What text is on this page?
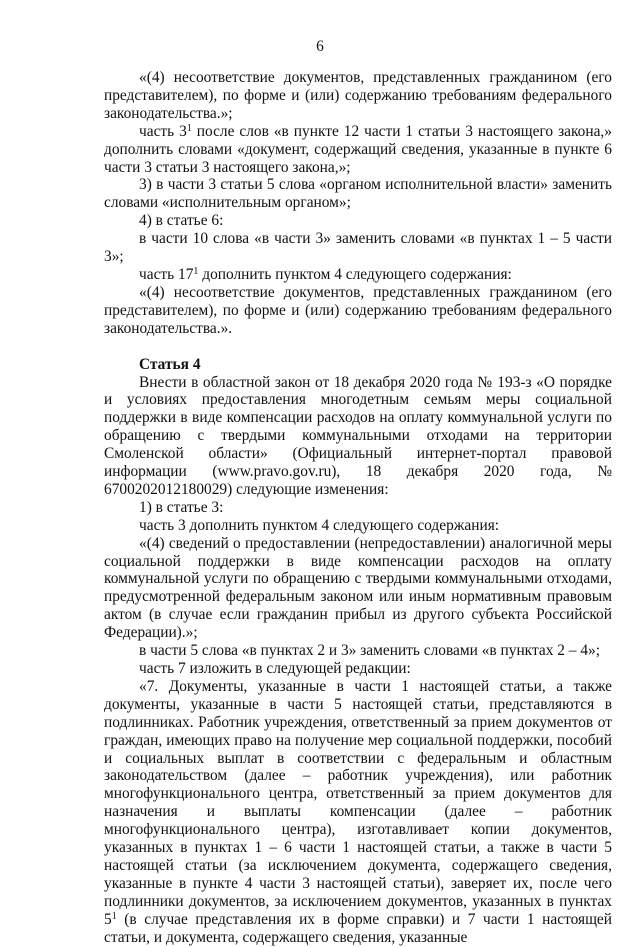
6

«(4) несоответствие документов, представленных гражданином (его представителем), по форме и (или) содержанию требованиям федерального законодательства.»;

часть $3^1$ после слов «в пункте 12 части 1 статьи 3 настоящего закона,» дополнить словами «документ, содержащий сведения, указанные в пункте 6 части 3 статьи 3 настоящего закона,»;

3) в части 3 статьи 5 слова «органом исполнительной власти» заменить словами «исполнительным органом»;

4) в статье 6:

в части 10 слова «в части 3» заменить словами «в пунктах 1 – 5 части 3»;

часть $17^1$ дополнить пунктом 4 следующего содержания:

«(4) несоответствие документов, представленных гражданином (его представителем), по форме и (или) содержанию требованиям федерального законодательства.».

Статья 4

Внести в областной закон от 18 декабря 2020 года № 193-з «О порядке и условиях предоставления многодетным семьям меры социальной поддержки в виде компенсации расходов на оплату коммунальной услуги по обращению с твердыми коммунальными отходами на территории Смоленской области» (Официальный интернет-портал правовой информации (www.pravo.gov.ru), 18 декабря 2020 года, № 6700202012180029) следующие изменения:

1) в статье 3:

часть 3 дополнить пунктом 4 следующего содержания:

«(4) сведений о предоставлении (непредоставлении) аналогичной меры социальной поддержки в виде компенсации расходов на оплату коммунальной услуги по обращению с твердыми коммунальными отходами, предусмотренной федеральным законом или иным нормативным правовым актом (в случае если гражданин прибыл из другого субъекта Российской Федерации).»;

в части 5 слова «в пунктах 2 и 3» заменить словами «в пунктах 2 – 4»;

часть 7 изложить в следующей редакции:

«7. Документы, указанные в части 1 настоящей статьи, а также документы, указанные в части 5 настоящей статьи, представляются в подлинниках. Работник учреждения, ответственный за прием документов от граждан, имеющих право на получение мер социальной поддержки, пособий и социальных выплат в соответствии с федеральным и областным законодательством (далее – работник учреждения), или работник многофункционального центра, ответственный за прием документов для назначения и выплаты компенсации (далее – работник многофункционального центра), изготавливает копии документов, указанных в пунктах 1 – 6 части 1 настоящей статьи, а также в части 5 настоящей статьи (за исключением документа, содержащего сведения, указанные в пункте 4 части 3 настоящей статьи), заверяет их, после чего подлинники документов, за исключением документов, указанных в пунктах $5^1$ (в случае представления их в форме справки) и 7 части 1 настоящей статьи, и документа, содержащего сведения, указанные
